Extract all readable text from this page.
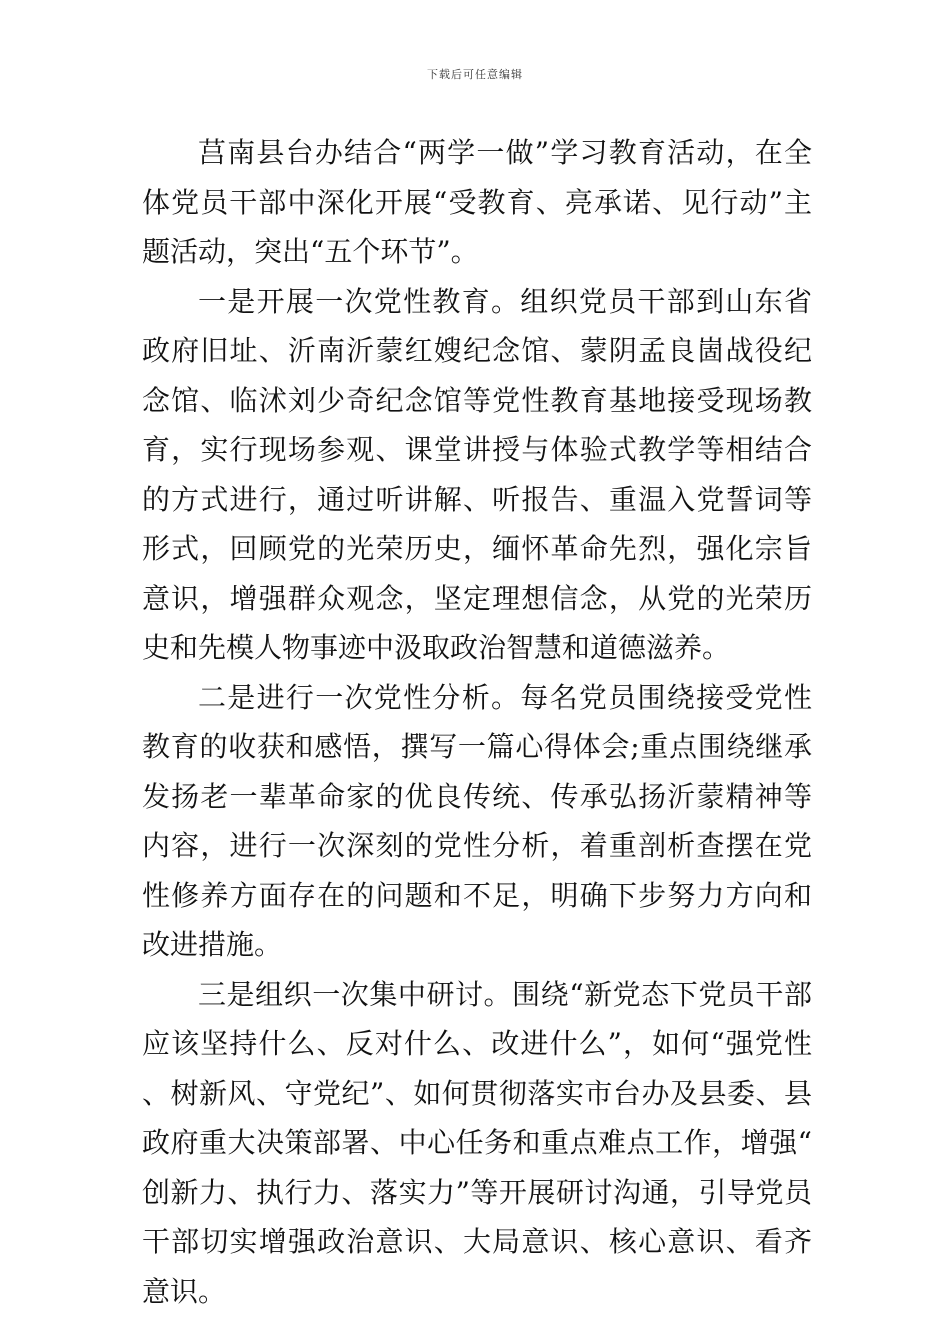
下载后可任意编辑

莒南县台办结合“两学一做”学习教育活动，在全体党员干部中深化开展“受教育、亮承诺、见行动”主题活动，突出“五个环节”。

一是开展一次党性教育。组织党员干部到山东省政府旧址、沂南沂蒙红嫂纪念馆、蒙阴孟良崮战役纪念馆、临沭刘少奇纪念馆等党性教育基地接受现场教育，实行现场参观、课堂讲授与体验式教学等相结合的方式进行，通过听讲解、听报告、重温入党誓词等形式，回顾党的光荣历史，缅怀革命先烈，强化宗旨意识，增强群众观念，坚定理想信念，从党的光荣历史和先模人物事迹中汲取政治智慧和道德滋养。

二是进行一次党性分析。每名党员围绕接受党性教育的收获和感悟，撰写一篇心得体会;重点围绕继承发扬老一辈革命家的优良传统、传承弘扬沂蒙精神等内容，进行一次深刻的党性分析，着重剖析查摆在党性修养方面存在的问题和不足，明确下步努力方向和改进措施。

三是组织一次集中研讨。围绕“新党态下党员干部应该坚持什么、反对什么、改进什么”，如何“强党性、树新风、守党纪”、如何贯彻落实市台办及县委、县政府重大决策部署、中心任务和重点难点工作，增强“创新力、执行力、落实力”等开展研讨沟通，引导党员干部切实增强政治意识、大局意识、核心意识、看齐意识。
